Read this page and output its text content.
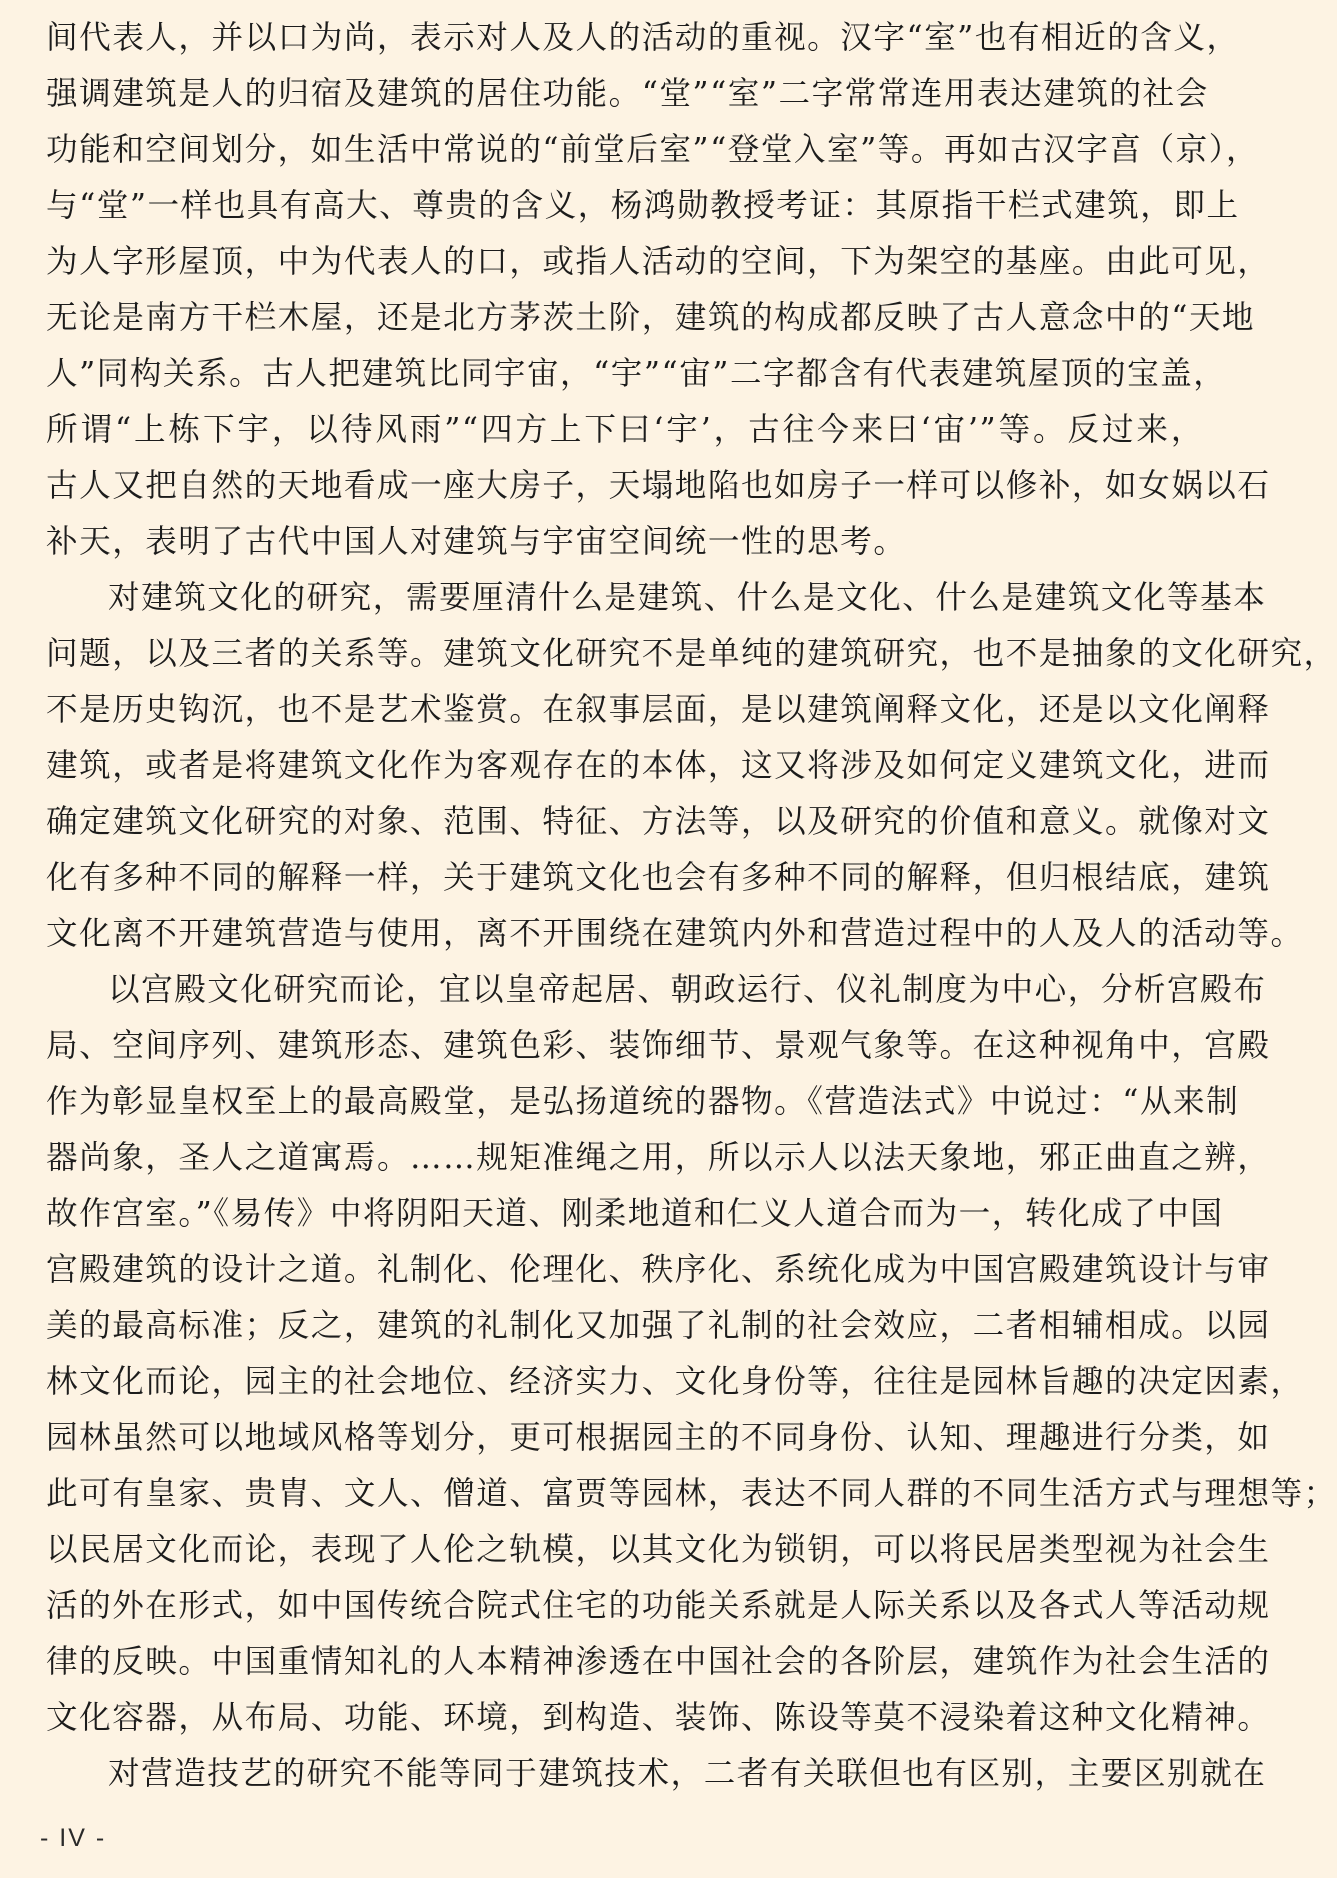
间代表人，并以口为尚，表示对人及人的活动的重视。汉字“室”也有相近的含义，
强调建筑是人的归宿及建筑的居住功能。“堂”“室”二字常常连用表达建筑的社会
功能和空间划分，如生活中常说的“前堂后室”“登堂入室”等。再如古汉字亯（京），
与“堂”一样也具有高大、尊贵的含义，杨鸿勋教授考证：其原指干栏式建筑，即上
为人字形屋顶，中为代表人的口，或指人活动的空间，下为架空的基座。由此可见，
无论是南方干栏木屋，还是北方茅茨土阶，建筑的构成都反映了古人意念中的“天地
人”同构关系。古人把建筑比同宇宙，“宇”“宙”二字都含有代表建筑屋顶的宝盖，
所谓“上栋下宇，以待风雨”“四方上下曰‘宇’，古往今来曰‘宙’”等。反过来，
古人又把自然的天地看成一座大房子，天塌地陷也如房子一样可以修补，如女娲以石
补天，表明了古代中国人对建筑与宇宙空间统一性的思考。
对建筑文化的研究，需要厘清什么是建筑、什么是文化、什么是建筑文化等基本
问题，以及三者的关系等。建筑文化研究不是单纯的建筑研究，也不是抽象的文化研究，
不是历史钩沉，也不是艺术鉴赏。在叙事层面，是以建筑阐释文化，还是以文化阐释
建筑，或者是将建筑文化作为客观存在的本体，这又将涉及如何定义建筑文化，进而
确定建筑文化研究的对象、范围、特征、方法等，以及研究的价值和意义。就像对文
化有多种不同的解释一样，关于建筑文化也会有多种不同的解释，但归根结底，建筑
文化离不开建筑营造与使用，离不开围绕在建筑内外和营造过程中的人及人的活动等。
以宫殿文化研究而论，宜以皇帝起居、朝政运行、仪礼制度为中心，分析宫殿布
局、空间序列、建筑形态、建筑色彩、装饰细节、景观气象等。在这种视角中，宫殿
作为彰显皇权至上的最高殿堂，是弘扬道统的器物。《营造法式》中说过：“从来制
器尚象，圣人之道寓焉。……规矩准绳之用，所以示人以法天象地，邪正曲直之辨，
故作宫室。”《易传》中将阴阳天道、刚柔地道和仁义人道合而为一，转化成了中国
宫殿建筑的设计之道。礼制化、伦理化、秩序化、系统化成为中国宫殿建筑设计与审
美的最高标准；反之，建筑的礼制化又加强了礼制的社会效应，二者相辅相成。以园
林文化而论，园主的社会地位、经济实力、文化身份等，往往是园林旨趣的决定因素，
园林虽然可以地域风格等划分，更可根据园主的不同身份、认知、理趣进行分类，如
此可有皇家、贵胄、文人、僧道、富贾等园林，表达不同人群的不同生活方式与理想等；
以民居文化而论，表现了人伦之轨模，以其文化为锁钥，可以将民居类型视为社会生
活的外在形式，如中国传统合院式住宅的功能关系就是人际关系以及各式人等活动规
律的反映。中国重情知礼的人本精神渗透在中国社会的各阶层，建筑作为社会生活的
文化容器，从布局、功能、环境，到构造、装饰、陈设等莫不浸染着这种文化精神。
对营造技艺的研究不能等同于建筑技术，二者有关联但也有区别，主要区别就在
- IV -
